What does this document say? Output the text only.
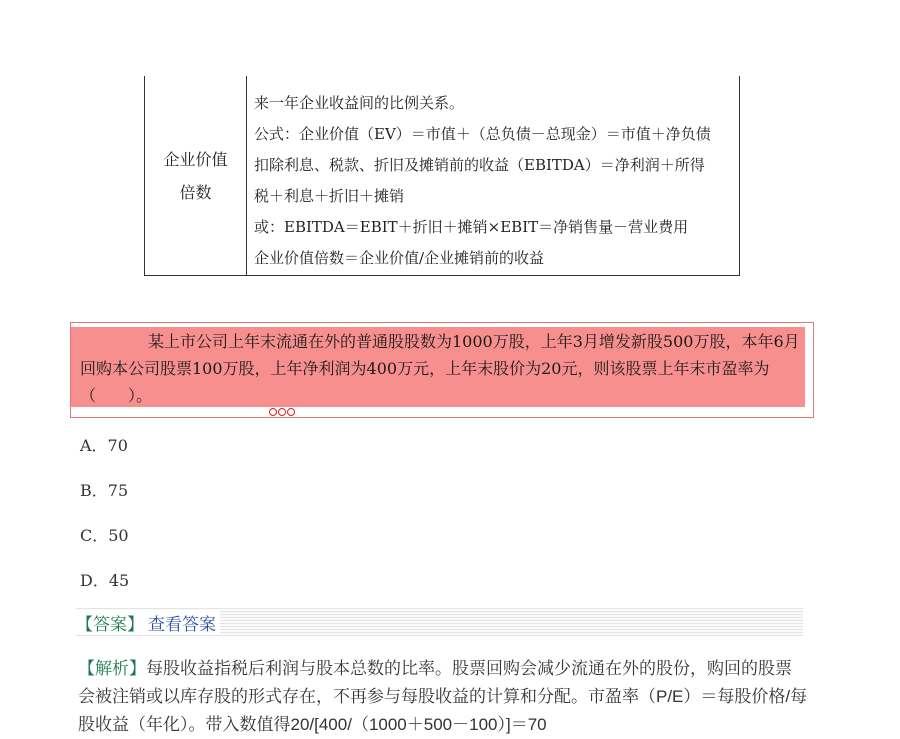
企业价值
倍数
来一年企业收益间的比例关系。
公式：企业价值（EV）＝市值＋（总负债－总现金）＝市值＋净负债
扣除利息、税款、折旧及摊销前的收益（EBITDA）＝净利润＋所得
税＋利息＋折旧＋摊销
或：EBITDA＝EBIT＋折旧＋摊销×EBIT＝净销售量－营业费用
企业价值倍数＝企业价值/企业摊销前的收益
某上市公司上年末流通在外的普通股股数为1000万股，上年3月增发新股500万股，本年6月回购本公司股票100万股，上年净利润为400万元，上年末股价为20元，则该股票上年末市盈率为（　　）。
A．70
B．75
C．50
D．45
【答案】 查看答案
【解析】每股收益指税后利润与股本总数的比率。股票回购会减少流通在外的股份，购回的股票会被注销或以库存股的形式存在，不再参与每股收益的计算和分配。市盈率（P/E）＝每股价格/每股收益（年化）。带入数值得20/[400/（1000＋500－100）]＝70
